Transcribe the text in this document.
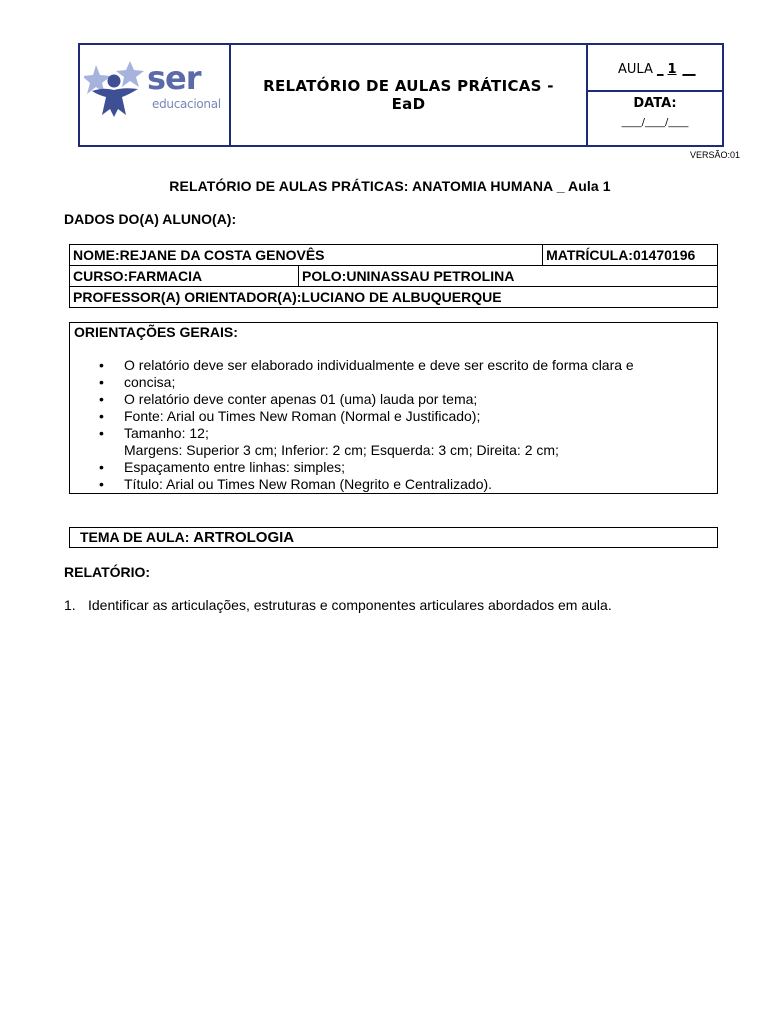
ser
educacional
RELATÓRIO DE AULAS PRÁTICAS - EaD
AULA _ 1 __
DATA:
____/____/____
VERSÃO:01
RELATÓRIO DE AULAS PRÁTICAS: ANATOMIA HUMANA _ Aula 1
DADOS DO(A) ALUNO(A):
NOME:REJANE DA COSTA GENOVÊS		MATRÍCULA:01470196
CURSO:FARMACIA	POLO:UNINASSAU PETROLINA	
PROFESSOR(A) ORIENTADOR(A):LUCIANO DE ALBUQUERQUE		
ORIENTAÇÕES GERAIS:
• O relatório deve ser elaborado individualmente e deve ser escrito de forma clara e
• concisa;
• O relatório deve conter apenas 01 (uma) lauda por tema;
• Fonte: Arial ou Times New Roman (Normal e Justificado);
• Tamanho: 12;
Margens: Superior 3 cm; Inferior: 2 cm; Esquerda: 3 cm; Direita: 2 cm;
• Espaçamento entre linhas: simples;
• Título: Arial ou Times New Roman (Negrito e Centralizado).
TEMA DE AULA: ARTROLOGIA
RELATÓRIO:
1. Identificar as articulações, estruturas e componentes articulares abordados em aula.
